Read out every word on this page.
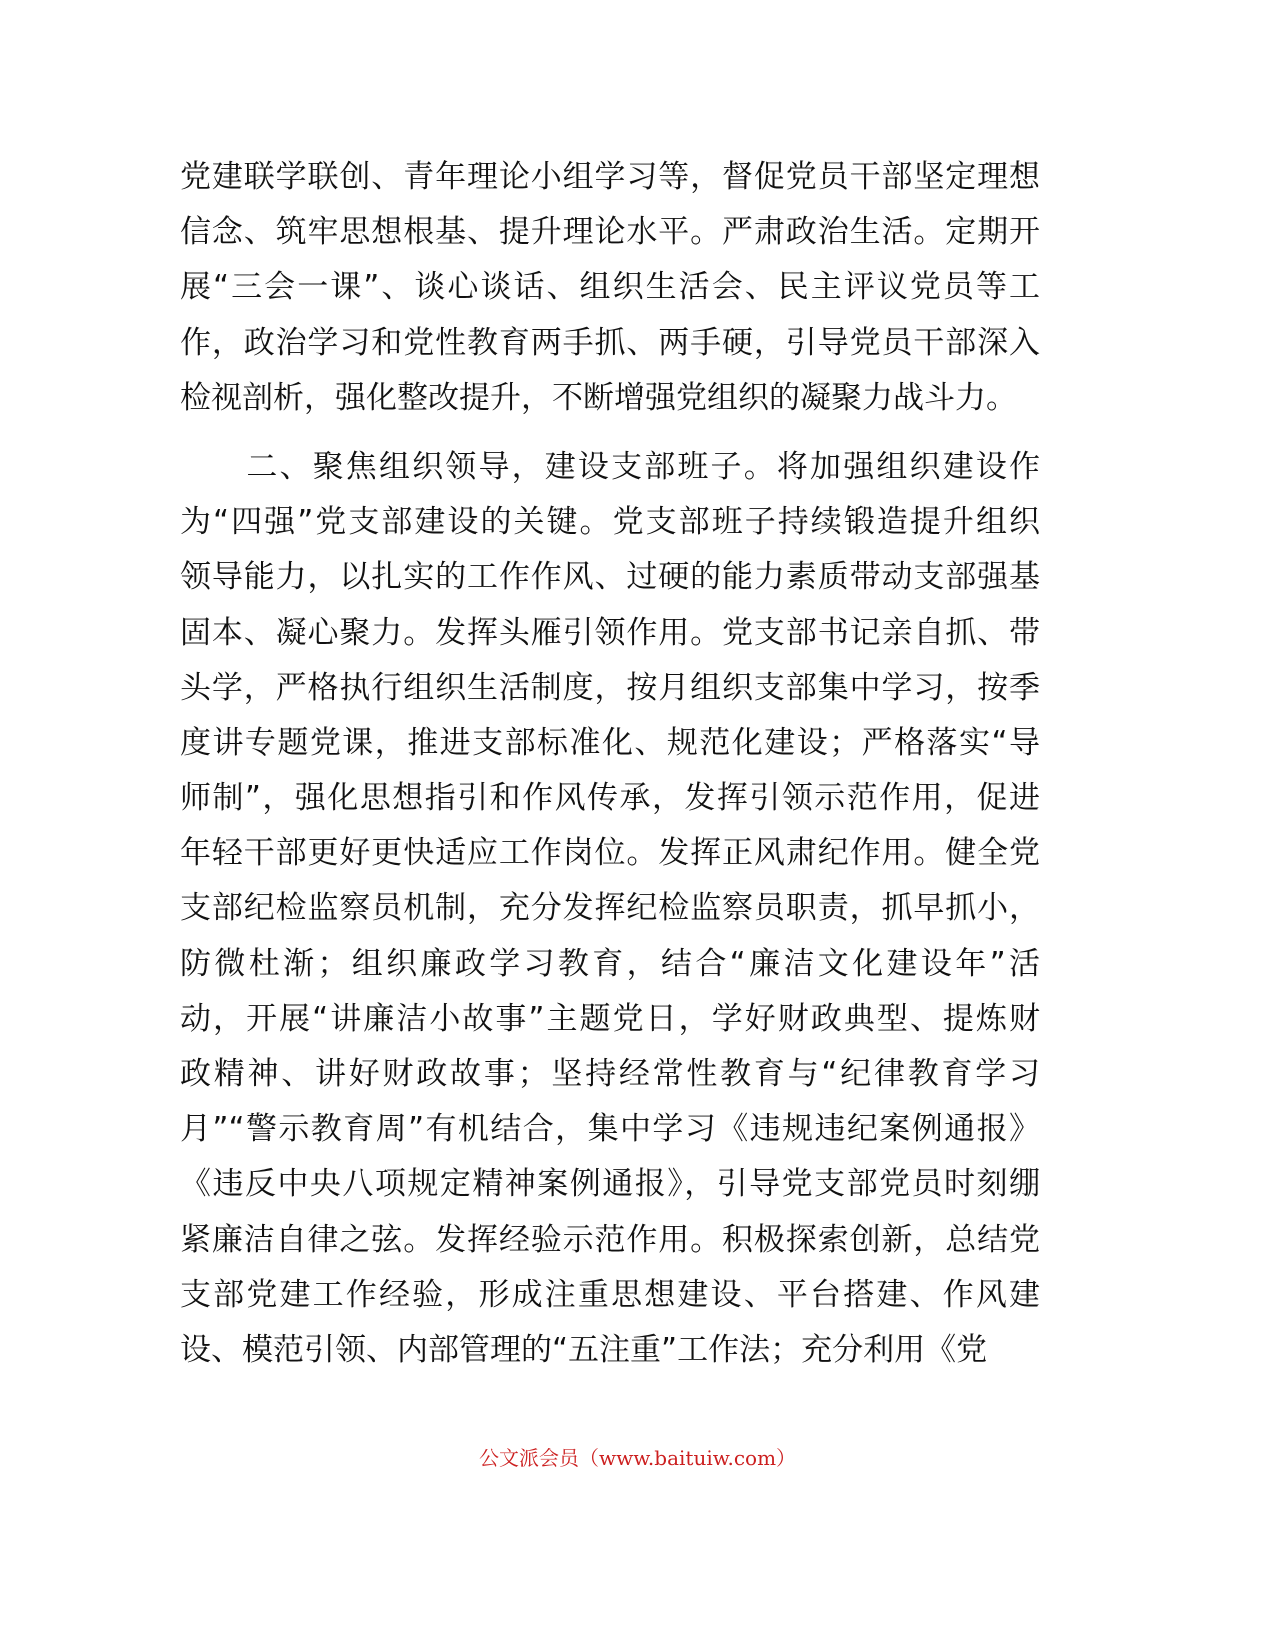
党建联学联创、青年理论小组学习等，督促党员干部坚定理想
信念、筑牢思想根基、提升理论水平。严肃政治生活。定期开
展“三会一课”、谈心谈话、组织生活会、民主评议党员等工
作，政治学习和党性教育两手抓、两手硬，引导党员干部深入
检视剖析，强化整改提升，不断增强党组织的凝聚力战斗力。
　　二、聚焦组织领导，建设支部班子。将加强组织建设作
为“四强”党支部建设的关键。党支部班子持续锻造提升组织
领导能力，以扎实的工作作风、过硬的能力素质带动支部强基
固本、凝心聚力。发挥头雁引领作用。党支部书记亲自抓、带
头学，严格执行组织生活制度，按月组织支部集中学习，按季
度讲专题党课，推进支部标准化、规范化建设；严格落实“导
师制”，强化思想指引和作风传承，发挥引领示范作用，促进
年轻干部更好更快适应工作岗位。发挥正风肃纪作用。健全党
支部纪检监察员机制，充分发挥纪检监察员职责，抓早抓小，
防微杜渐；组织廉政学习教育，结合“廉洁文化建设年”活
动，开展“讲廉洁小故事”主题党日，学好财政典型、提炼财
政精神、讲好财政故事；坚持经常性教育与“纪律教育学习
月”“警示教育周”有机结合，集中学习《违规违纪案例通报》
《违反中央八项规定精神案例通报》，引导党支部党员时刻绷
紧廉洁自律之弦。发挥经验示范作用。积极探索创新，总结党
支部党建工作经验，形成注重思想建设、平台搭建、作风建
设、模范引领、内部管理的“五注重”工作法；充分利用《党
公文派会员（www.baituiw.com）
